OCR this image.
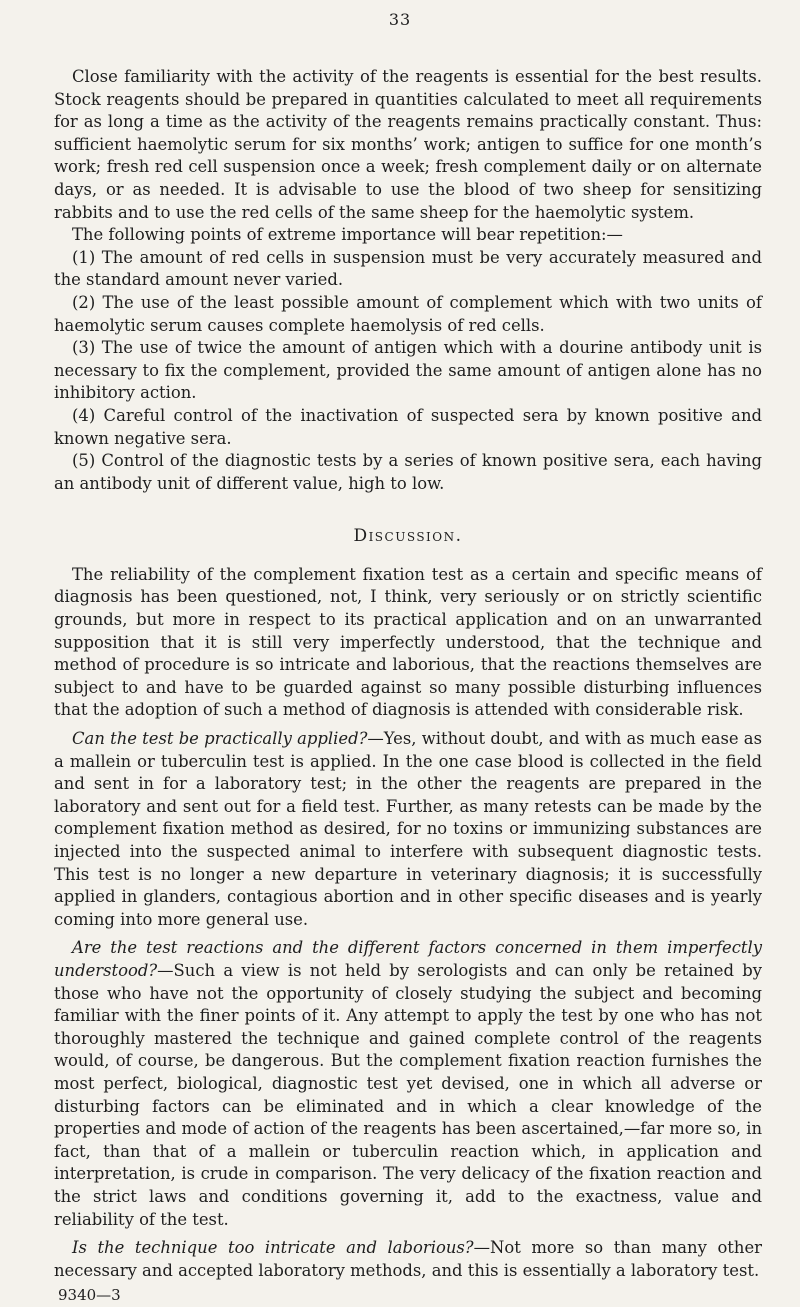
33

Close familiarity with the activity of the reagents is essential for the best results. Stock reagents should be prepared in quantities calculated to meet all requirements for as long a time as the activity of the reagents remains practically constant. Thus: sufficient haemolytic serum for six months’ work; antigen to suffice for one month’s work; fresh red cell suspension once a week; fresh complement daily or on alternate days, or as needed. It is advisable to use the blood of two sheep for sensitizing rabbits and to use the red cells of the same sheep for the haemolytic system.

The following points of extreme importance will bear repetition:—

(1) The amount of red cells in suspension must be very accurately measured and the standard amount never varied.

(2) The use of the least possible amount of complement which with two units of haemolytic serum causes complete haemolysis of red cells.

(3) The use of twice the amount of antigen which with a dourine antibody unit is necessary to fix the complement, provided the same amount of antigen alone has no inhibitory action.

(4) Careful control of the inactivation of suspected sera by known positive and known negative sera.

(5) Control of the diagnostic tests by a series of known positive sera, each having an antibody unit of different value, high to low.

Discussion.

The reliability of the complement fixation test as a certain and specific means of diagnosis has been questioned, not, I think, very seriously or on strictly scientific grounds, but more in respect to its practical application and on an unwarranted supposition that it is still very imperfectly understood, that the technique and method of procedure is so intricate and laborious, that the reactions themselves are subject to and have to be guarded against so many possible disturbing influences that the adoption of such a method of diagnosis is attended with considerable risk.

Can the test be practically applied?—Yes, without doubt, and with as much ease as a mallein or tuberculin test is applied. In the one case blood is collected in the field and sent in for a laboratory test; in the other the reagents are prepared in the laboratory and sent out for a field test. Further, as many retests can be made by the complement fixation method as desired, for no toxins or immunizing substances are injected into the suspected animal to interfere with subsequent diagnostic tests. This test is no longer a new departure in veterinary diagnosis; it is successfully applied in glanders, contagious abortion and in other specific diseases and is yearly coming into more general use.

Are the test reactions and the different factors concerned in them imperfectly understood?—Such a view is not held by serologists and can only be retained by those who have not the opportunity of closely studying the subject and becoming familiar with the finer points of it. Any attempt to apply the test by one who has not thoroughly mastered the technique and gained complete control of the reagents would, of course, be dangerous. But the complement fixation reaction furnishes the most perfect, biological, diagnostic test yet devised, one in which all adverse or disturbing factors can be eliminated and in which a clear knowledge of the properties and mode of action of the reagents has been ascertained,—far more so, in fact, than that of a mallein or tuberculin reaction which, in application and interpretation, is crude in comparison. The very delicacy of the fixation reaction and the strict laws and conditions governing it, add to the exactness, value and reliability of the test.

Is the technique too intricate and laborious?—Not more so than many other necessary and accepted laboratory methods, and this is essentially a laboratory test.

9340—3
